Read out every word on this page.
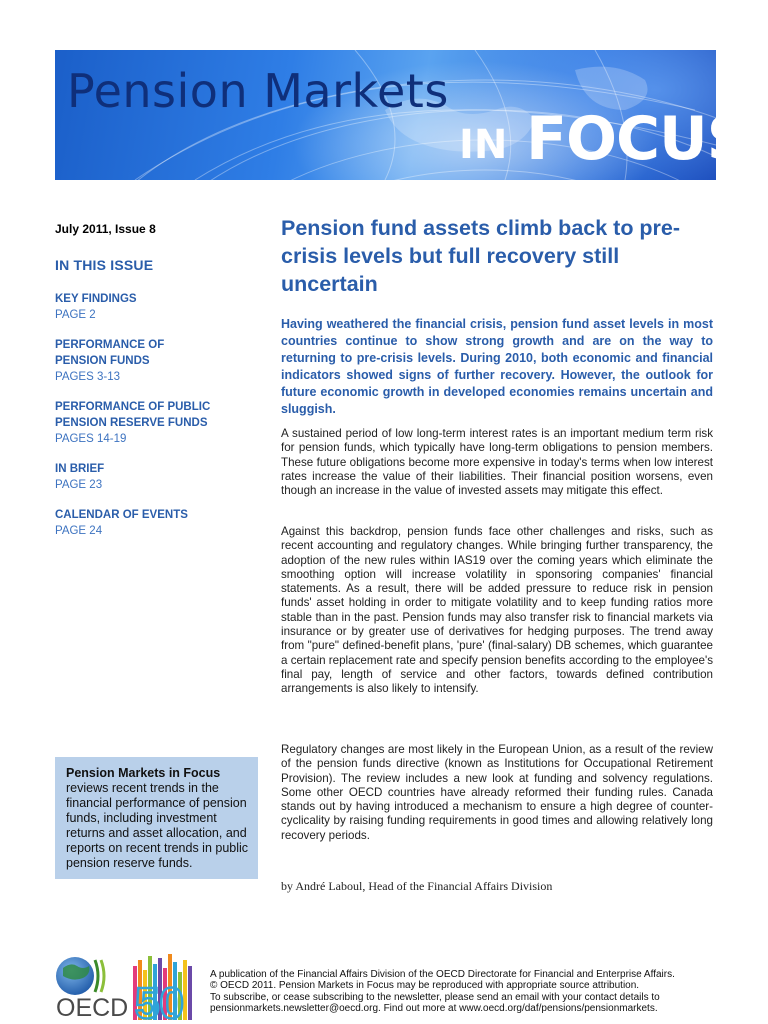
Pension Markets
IN FOCUS
July 2011, Issue 8
IN THIS ISSUE
KEY FINDINGS
PAGE 2
PERFORMANCE OF PENSION FUNDS
PAGES 3-13
PERFORMANCE OF PUBLIC PENSION RESERVE FUNDS
PAGES 14-19
IN BRIEF
PAGE 23
CALENDAR OF EVENTS
PAGE 24
Pension Markets in Focus
reviews recent trends in the financial performance of pension funds, including investment returns and asset allocation, and reports on recent trends in public pension reserve funds.
Pension fund assets climb back to pre-crisis levels but full recovery still uncertain
Having weathered the financial crisis, pension fund asset levels in most countries continue to show strong growth and are on the way to returning to pre-crisis levels. During 2010, both economic and financial indicators showed signs of further recovery. However, the outlook for future economic growth in developed economies remains uncertain and sluggish.
A sustained period of low long-term interest rates is an important medium term risk for pension funds, which typically have long-term obligations to pension members. These future obligations become more expensive in today's terms when low interest rates increase the value of their liabilities. Their financial position worsens, even though an increase in the value of invested assets may mitigate this effect.
Against this backdrop, pension funds face other challenges and risks, such as recent accounting and regulatory changes. While bringing further transparency, the adoption of the new rules within IAS19 over the coming years which eliminate the smoothing option will increase volatility in sponsoring companies' financial statements. As a result, there will be added pressure to reduce risk in pension funds' asset holding in order to mitigate volatility and to keep funding ratios more stable than in the past. Pension funds may also transfer risk to financial markets via insurance or by greater use of derivatives for hedging purposes. The trend away from "pure" defined-benefit plans, 'pure' (final-salary) DB schemes, which guarantee a certain replacement rate and specify pension benefits according to the employee's final pay, length of service and other factors, towards defined contribution arrangements is also likely to intensify.
Regulatory changes are most likely in the European Union, as a result of the review of the pension funds directive (known as Institutions for Occupational Retirement Provision). The review includes a new look at funding and solvency regulations. Some other OECD countries have already reformed their funding rules. Canada stands out by having introduced a mechanism to ensure a high degree of counter-cyclicality by raising funding requirements in good times and allowing relatively long recovery periods.
by André Laboul, Head of the Financial Affairs Division
50
OECD
A publication of the Financial Affairs Division of the OECD Directorate for Financial and Enterprise Affairs.
© OECD 2011. Pension Markets in Focus may be reproduced with appropriate source attribution.
To subscribe, or cease subscribing to the newsletter, please send an email with your contact details to
pensionmarkets.newsletter@oecd.org. Find out more at www.oecd.org/daf/pensions/pensionmarkets.
